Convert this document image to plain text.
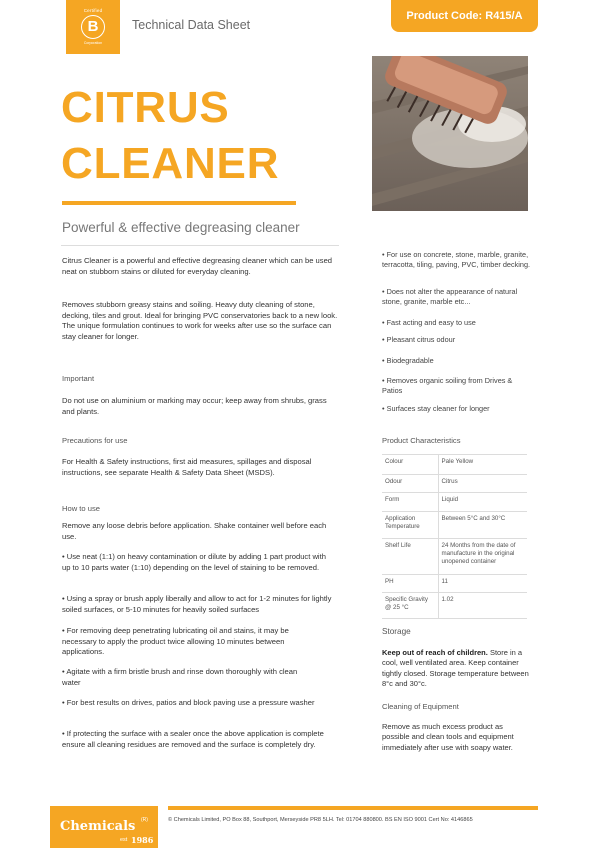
Certified
B
Corporation
Technical Data Sheet
Product Code: R415/A
CITRUS
CLEANER
Powerful & effective degreasing cleaner
Citrus Cleaner is a powerful and effective degreasing cleaner which can be used neat on stubborn stains or diluted for everyday cleaning.
Removes stubborn greasy stains and soiling. Heavy duty cleaning of stone, decking, tiles and grout. Ideal for bringing PVC conservatories back to a new look. The unique formulation continues to work for weeks after use so the surface can stay cleaner for longer.
Important
Do not use on aluminium or marking may occur; keep away from shrubs, grass and plants.
Precautions for use
For Health & Safety instructions, first aid measures, spillages and disposal instructions, see separate Health & Safety Data Sheet (MSDS).
How to use
Remove any loose debris before application. Shake container well before each use.
• Use neat (1:1) on heavy contamination or dilute by adding 1 part product with up to 10 parts water (1:10) depending on the level of staining to be removed.
• Using a spray or brush apply liberally and allow to act for 1-2 minutes for lightly soiled surfaces, or 5-10 minutes for heavily soiled surfaces
• For removing deep penetrating lubricating oil and stains, it may be necessary to apply the product twice allowing 10 minutes between applications.
• Agitate with a firm bristle brush and rinse down thoroughly with clean water
• For best results on drives, patios and block paving use a pressure washer
• If protecting the surface with a sealer once the above application is complete ensure all cleaning residues are removed and the surface is completely dry.
• For use on concrete, stone, marble, granite, terracotta, tiling, paving, PVC, timber decking.
• Does not alter the appearance of natural stone, granite, marble etc...
• Fast acting and easy to use
• Pleasant citrus odour
• Biodegradable
• Removes organic soiling from Drives & Patios
• Surfaces stay cleaner for longer
Product Characteristics
Colour	Pale Yellow
Odour	Citrus
Form	Liquid
Application Temperature	Between 5°C and 30°C
Shelf Life	24 Months from the date of manufacture in the original unopened container
PH	11
Specific Gravity @ 25 °C	1.02
Storage
Keep out of reach of children. Store in a cool, well ventilated area. Keep container tightly closed. Storage temperature between 8°c and 30°c.
Cleaning of Equipment
Remove as much excess product as possible and clean tools and equipment immediately after use with soapy water.
Chemicals (R)
est 1986
© Chemicals Limited, PO Box 88, Southport, Merseyside PR8 5LH. Tel: 01704 880800. BS EN ISO 9001 Cert No: 4146865
